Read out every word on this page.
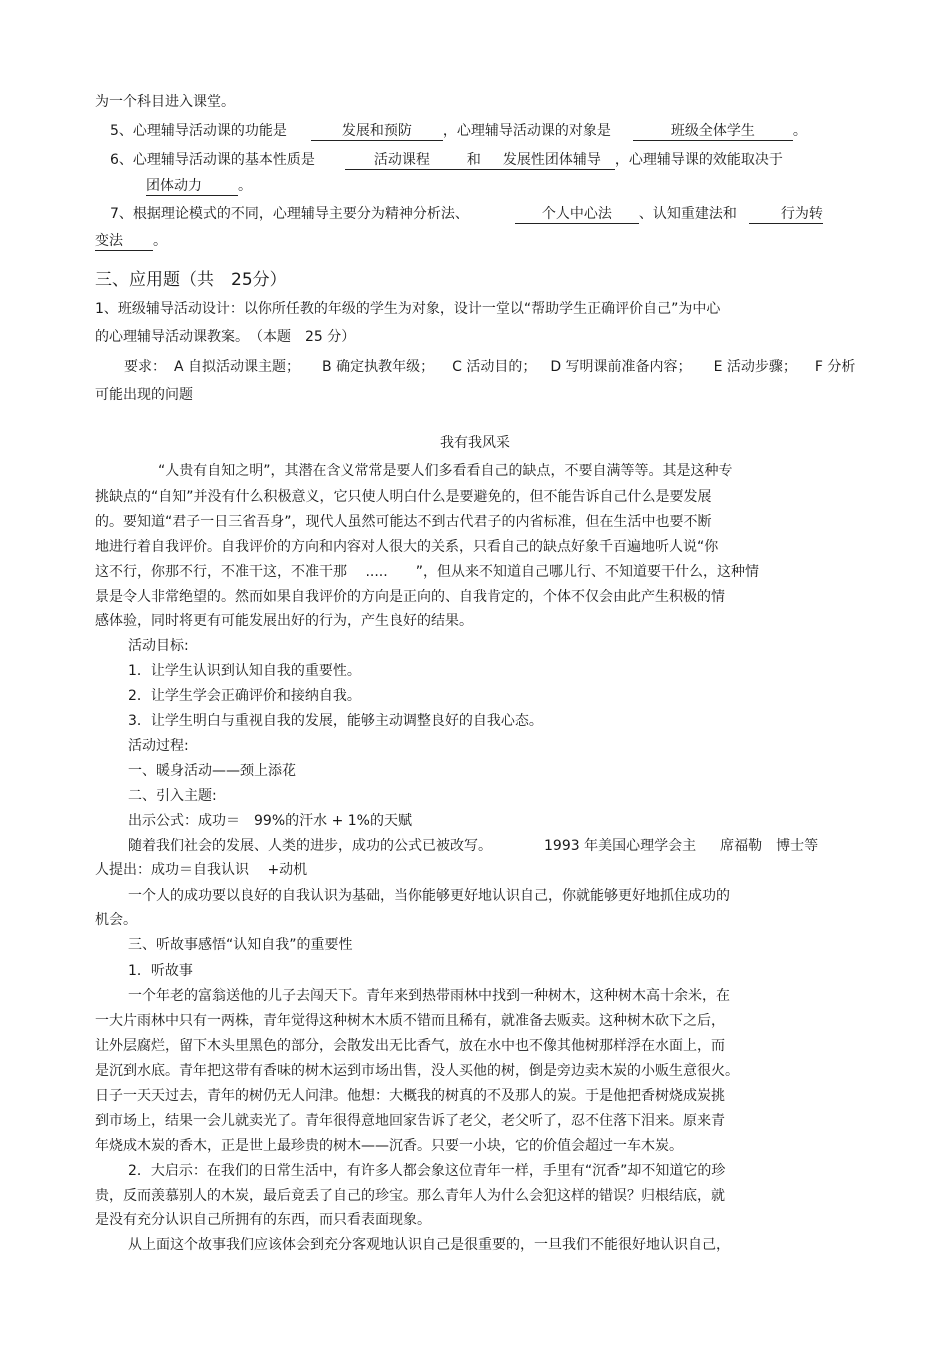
为一个科目进入课堂。
5、心理辅导活动课的功能是	发展和预防 ，心理辅导活动课的对象是	班级全体学生	。
6、心理辅导活动课的基本性质是	活动课程	和 发展性团体辅导 ，心理辅导课的效能取决于
团体动力	。
7、根据理论模式的不同，心理辅导主要分为精神分析法、	个人中心法 、认知重建法和	行为转
变法 。
三、应用题（共　 25分）
1、班级辅导活动设计：以你所任教的年级的学生为对象，设计一堂以“帮助学生正确评价自己”为中心
的心理辅导活动课教案。　（本题　25 分）
要求： A 自拟活动课主题； B 确定执教年级； C 活动目的； D 写明课前准备内容； E 活动步骤； F 分析
可能出现的问题
我有我风采
“人贵有自知之明”，其潜在含义常常是要人们多看看自己的缺点，不要自满等等。其是这种专
挑缺点的“自知”并没有什么积极意义，它只使人明白什么是要避免的，但不能告诉自己什么是要发展
的。要知道“君子一日三省吾身”，现代人虽然可能达不到古代君子的内省标准，但在生活中也要不断
地进行着自我评价。自我评价的方向和内容对人很大的关系，只看自己的缺点好象千百遍地听人说“你
这不行，你那不行，不准干这，不准干那　 .....　　”，但从来不知道自己哪儿行、不知道要干什么，这种情
景是令人非常绝望的。然而如果自我评价的方向是正向的、自我肯定的，个体不仅会由此产生积极的情
感体验，同时将更有可能发展出好的行为，产生良好的结果。
活动目标:
1．让学生认识到认知自我的重要性。
2．让学生学会正确评价和接纳自我。
3．让学生明白与重视自我的发展，能够主动调整良好的自我心态。
活动过程:
一、暖身活动——颈上添花
二、引入主题:
出示公式：成功＝　99%的汗水 + 1%的天赋
随着我们社会的发展、人类的进步，成功的公式已被改写。	1993 年美国心理学会主 席福勒 博士等
人提出：成功＝自我认识　 +动机
一个人的成功要以良好的自我认识为基础，当你能够更好地认识自己，你就能够更好地抓住成功的
机会。
三、听故事感悟“认知自我”的重要性
1．听故事
一个年老的富翁送他的儿子去闯天下。青年来到热带雨林中找到一种树木，这种树木高十余米，在
一大片雨林中只有一两株，青年觉得这种树木木质不错而且稀有，就准备去贩卖。这种树木砍下之后，
让外层腐烂，留下木头里黑色的部分，会散发出无比香气，放在水中也不像其他树那样浮在水面上，而
是沉到水底。青年把这带有香味的树木运到市场出售，没人买他的树，倒是旁边卖木炭的小贩生意很火。
日子一天天过去，青年的树仍无人问津。他想：大概我的树真的不及那人的炭。于是他把香树烧成炭挑
到市场上，结果一会儿就卖光了。青年很得意地回家告诉了老父，老父听了，忍不住落下泪来。原来青
年烧成木炭的香木，正是世上最珍贵的树木——沉香。只要一小块，它的价值会超过一车木炭。
2．大启示：在我们的日常生活中，有许多人都会象这位青年一样，手里有“沉香”却不知道它的珍
贵，反而羡慕别人的木炭，最后竟丢了自己的珍宝。那么青年人为什么会犯这样的错误？归根结底，就
是没有充分认识自己所拥有的东西，而只看表面现象。
从上面这个故事我们应该体会到充分客观地认识自己是很重要的，一旦我们不能很好地认识自己，
